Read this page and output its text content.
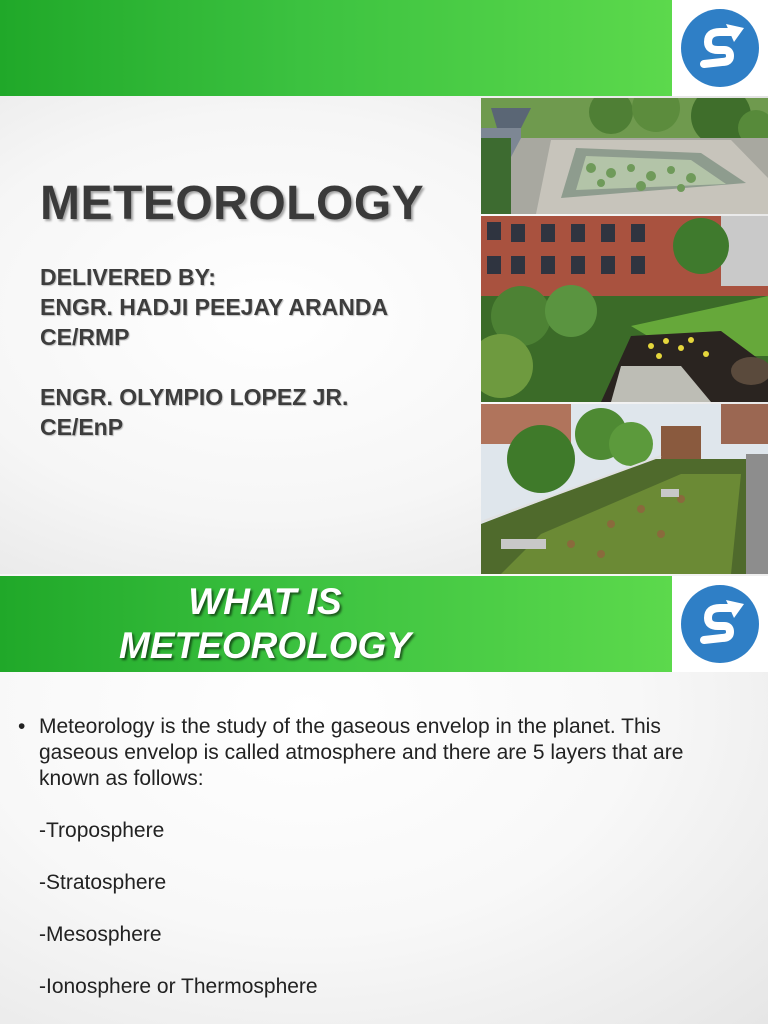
METEOROLOGY
DELIVERED BY:
ENGR. HADJI PEEJAY ARANDA
CE/RMP
ENGR. OLYMPIO LOPEZ JR.
CE/EnP
WHAT IS
METEOROLOGY
• Meteorology is the study of the gaseous envelop in the planet. This gaseous envelop is called atmosphere and there are 5 layers that are known as follows:
-Troposphere
-Stratosphere
-Mesosphere
-Ionosphere or Thermosphere
